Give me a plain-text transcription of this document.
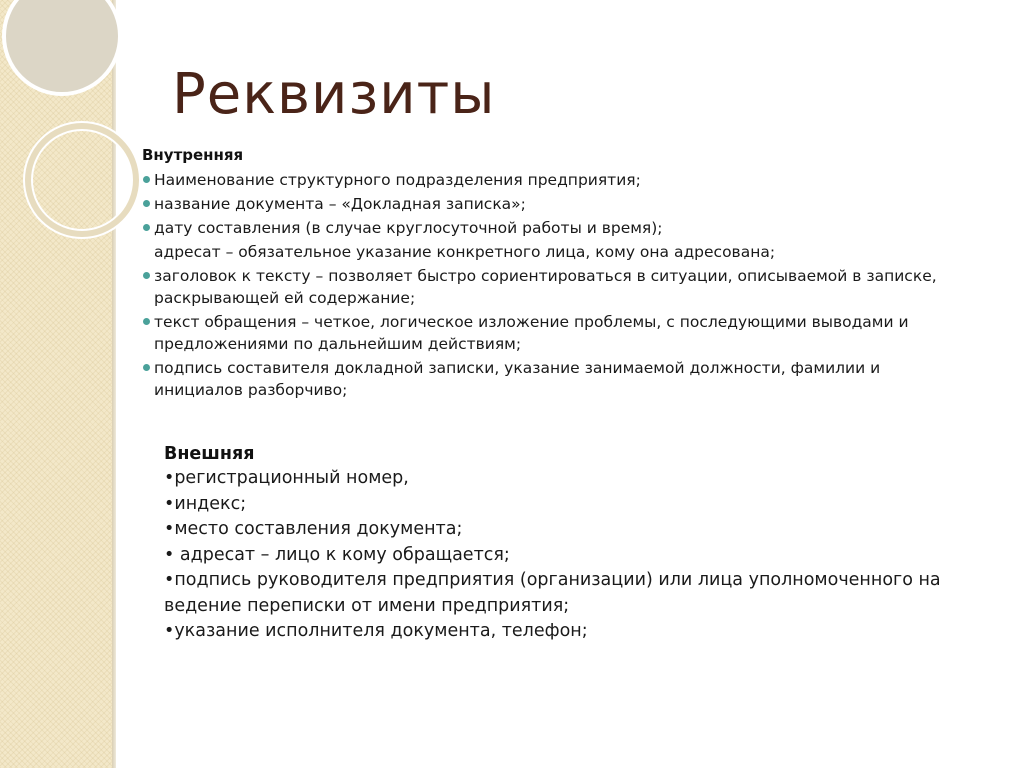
Реквизиты
Внутренняя
Наименование структурного подразделения предприятия;
название документа – «Докладная записка»;
дату составления (в случае круглосуточной работы и время);
адресат – обязательное указание конкретного лица, кому она адресована;
заголовок к тексту – позволяет быстро сориентироваться в ситуации, описываемой в записке, раскрывающей ей содержание;
текст обращения – четкое, логическое изложение проблемы, с последующими выводами и предложениями по дальнейшим действиям;
подпись составителя докладной записки, указание занимаемой должности, фамилии и инициалов разборчиво;
Внешняя
•регистрационный номер,
•индекс;
•место составления документа;
• адресат – лицо к кому обращается;
•подпись руководителя предприятия (организации) или лица уполномоченного на ведение переписки от имени предприятия;
•указание исполнителя документа, телефон;
